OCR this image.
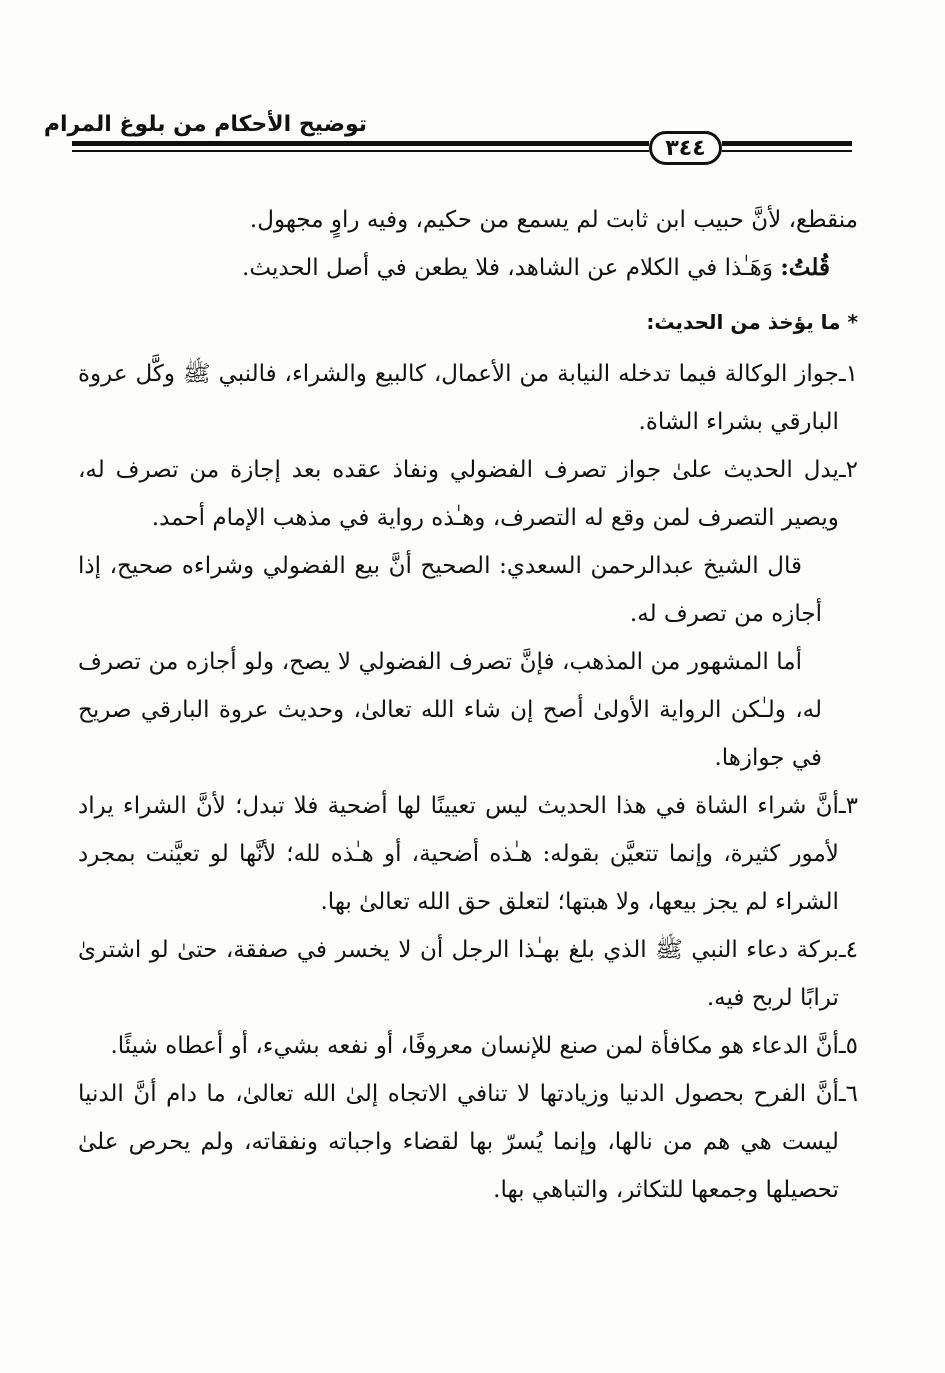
توضيح الأحكام من بلوغ المرام
٣٤٤

منقطع، لأنَّ حبيب ابن ثابت لم يسمع من حكيم، وفيه راوٍ مجهول.

قُلتُ: وَهَـٰذا في الكلام عن الشاهد، فلا يطعن في أصل الحديث.

* ما يؤخذ من الحديث:

١ـ
جواز الوكالة فيما تدخله النيابة من الأعمال، كالبيع والشراء، فالنبي ﷺ وكَّل عروة البارقي بشراء الشاة.
٢ـ
يدل الحديث علىٰ جواز تصرف الفضولي ونفاذ عقده بعد إجازة من تصرف له، ويصير التصرف لمن وقع له التصرف، وهـٰذه رواية في مذهب الإمام أحمد.

قال الشيخ عبدالرحمن السعدي: الصحيح أنَّ بيع الفضولي وشراءه صحيح، إذا أجازه من تصرف له.

أما المشهور من المذهب، فإنَّ تصرف الفضولي لا يصح، ولو أجازه من تصرف له، ولـٰكن الرواية الأولىٰ أصح إن شاء الله تعالىٰ، وحديث عروة البارقي صريح في جوازها.

٣ـ
أنَّ شراء الشاة في هذا الحديث ليس تعيينًا لها أضحية فلا تبدل؛ لأنَّ الشراء يراد لأمور كثيرة، وإنما تتعيَّن بقوله: هـٰذه أضحية، أو هـٰذه لله؛ لأنَّها لو تعيَّنت بمجرد الشراء لم يجز بيعها، ولا هبتها؛ لتعلق حق الله تعالىٰ بها.
٤ـ
بركة دعاء النبي ﷺ الذي بلغ بهـٰذا الرجل أن لا يخسر في صفقة، حتىٰ لو اشترىٰ ترابًا لربح فيه.
٥ـ
أنَّ الدعاء هو مكافأة لمن صنع للإنسان معروفًا، أو نفعه بشيء، أو أعطاه شيئًا.
٦ـ
أنَّ الفرح بحصول الدنيا وزيادتها لا تنافي الاتجاه إلىٰ الله تعالىٰ، ما دام أنَّ الدنيا ليست هي هم من نالها، وإنما يُسرّ بها لقضاء واجباته ونفقاته، ولم يحرص علىٰ تحصيلها وجمعها للتكاثر، والتباهي بها.
